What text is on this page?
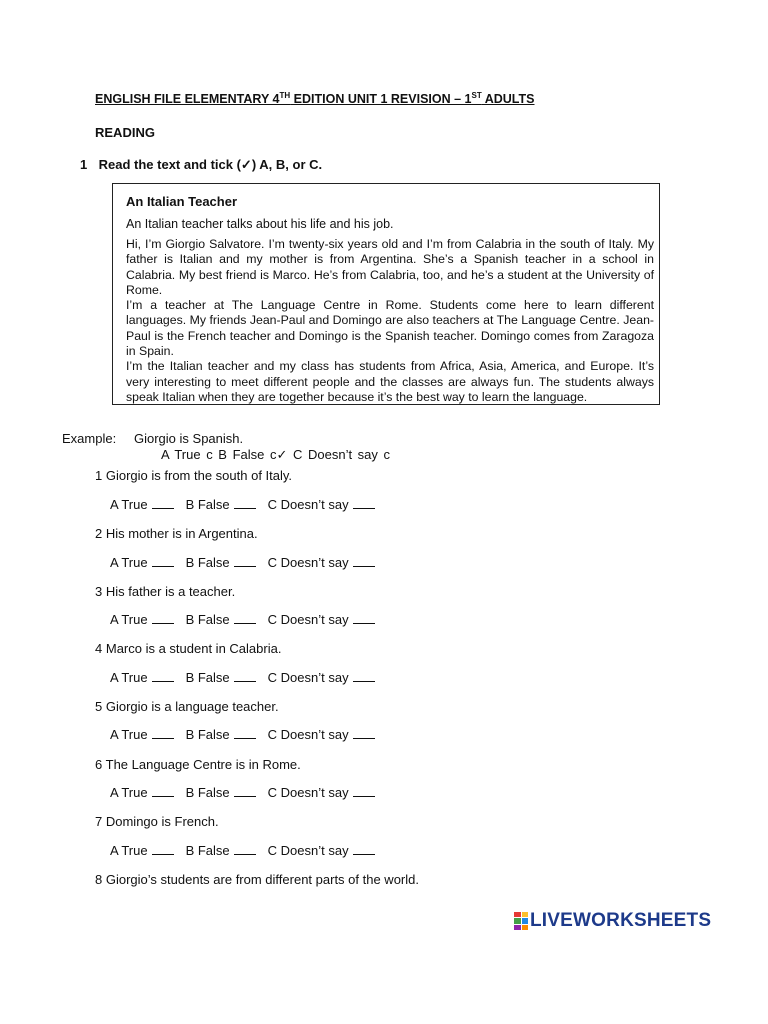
ENGLISH FILE ELEMENTARY 4TH EDITION UNIT 1 REVISION – 1ST ADULTS
READING
1 Read the text and tick (✓) A, B, or C.
An Italian Teacher
An Italian teacher talks about his life and his job.

Hi, I’m Giorgio Salvatore. I’m twenty-six years old and I’m from Calabria in the south of Italy. My father is Italian and my mother is from Argentina. She’s a Spanish teacher in a school in Calabria. My best friend is Marco. He’s from Calabria, too, and he’s a student at the University of Rome.

I’m a teacher at The Language Centre in Rome. Students come here to learn different languages. My friends Jean-Paul and Domingo are also teachers at The Language Centre. Jean-Paul is the French teacher and Domingo is the Spanish teacher. Domingo comes from Zaragoza in Spain.

I’m the Italian teacher and my class has students from Africa, Asia, America, and Europe. It’s very interesting to meet different people and the classes are always fun. The students always speak Italian when they are together because it’s the best way to learn the language.

Example: Giorgio is Spanish.
A True c B False c✓ C Doesn’t say c
1 Giorgio is from the south of Italy.
A True	B False	C Doesn’t say
2 His mother is in Argentina.
A True	B False	C Doesn’t say
3 His father is a teacher.
A True	B False	C Doesn’t say
4 Marco is a student in Calabria.
A True	B False	C Doesn’t say
5 Giorgio is a language teacher.
A True	B False	C Doesn’t say
6 The Language Centre is in Rome.
A True	B False	C Doesn’t say
7 Domingo is French.
A True	B False	C Doesn’t say
8 Giorgio’s students are from different parts of the world.
LIVEWORKSHEETS
